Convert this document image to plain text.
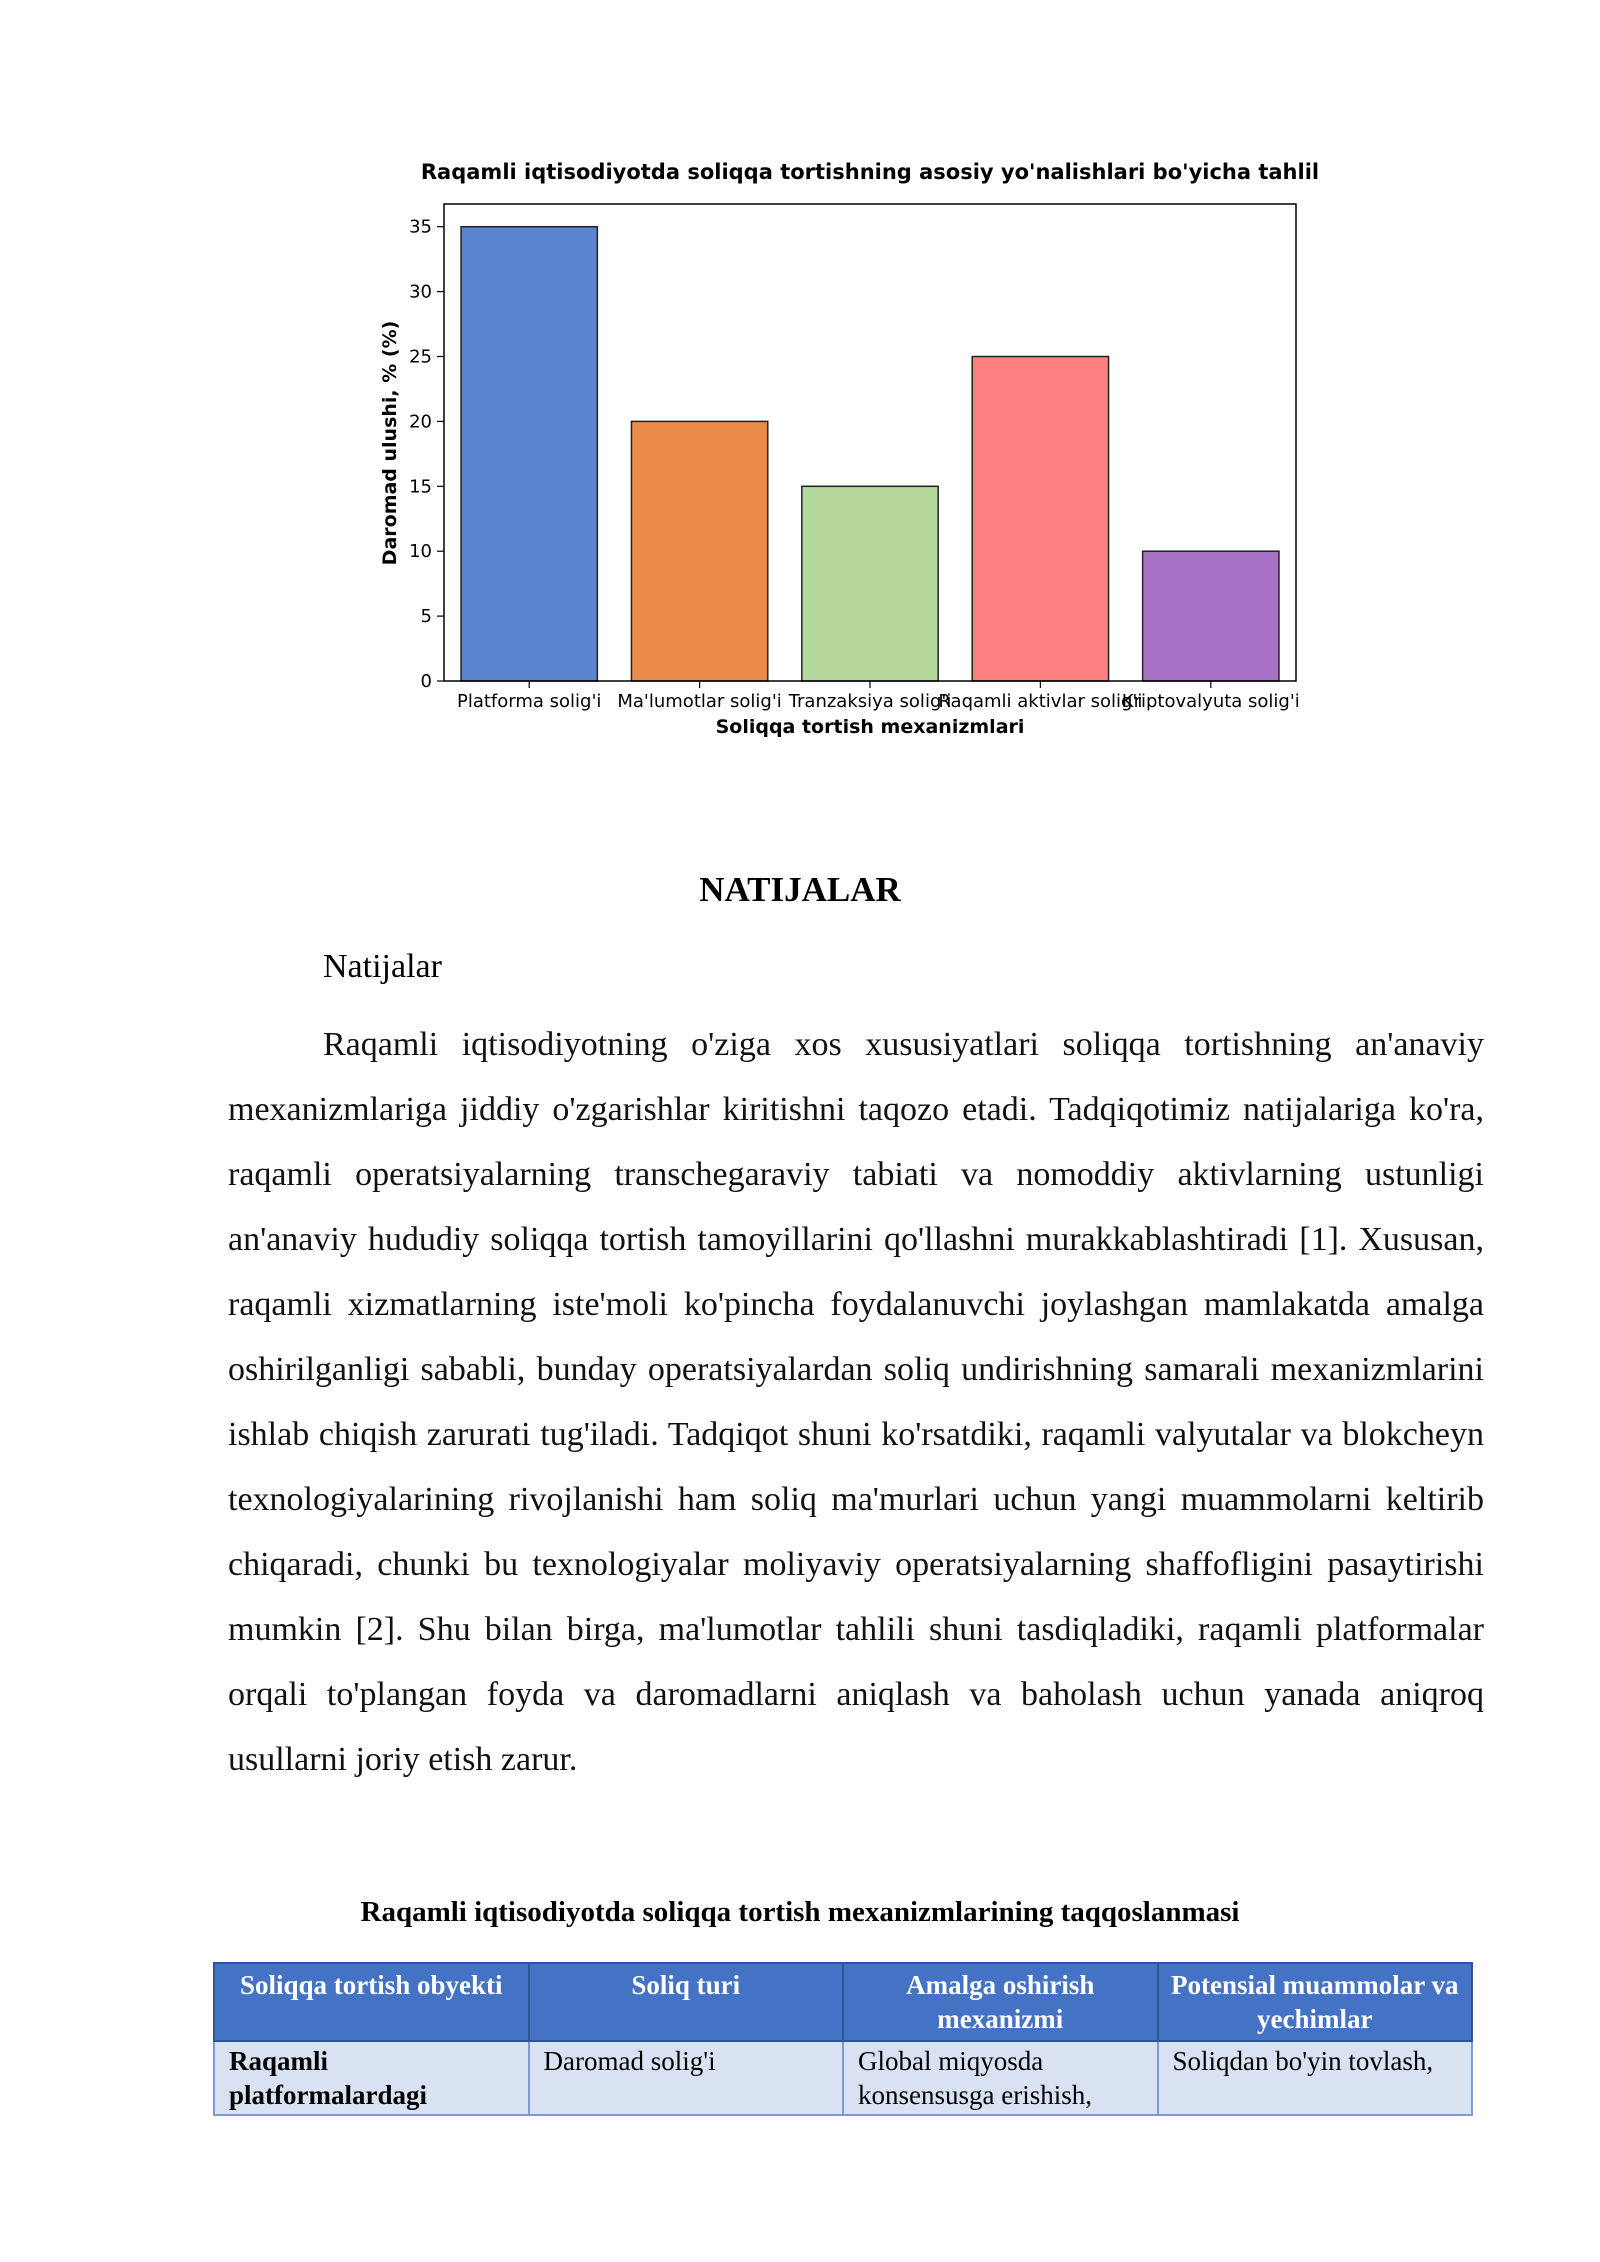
Raqamli iqtisodiyotda soliqqa tortishning asosiy yo'nalishlari bo'yicha tahlil
Daromad ulushi, % (%)
Soliqqa tortish mexanizmlari
0
5
10
15
20
25
30
35
Platforma solig'i Ma'lumotlar solig'i Tranzaksiya solig'i
Raqamli aktivlar solig'i
Kriptovalyuta solig'i
NATIJALAR

Natijalar

Raqamli iqtisodiyotning o'ziga xos xususiyatlari soliqqa tortishning an'anaviy mexanizmlariga jiddiy o'zgarishlar kiritishni taqozo etadi. Tadqiqotimiz natijalariga ko'ra, raqamli operatsiyalarning transchegaraviy tabiati va nomoddiy aktivlarning ustunligi an'anaviy hududiy soliqqa tortish tamoyillarini qo'llashni murakkablashtiradi [1]. Xususan, raqamli xizmatlarning iste'moli ko'pincha foydalanuvchi joylashgan mamlakatda amalga oshirilganligi sababli, bunday operatsiyalardan soliq undirishning samarali mexanizmlarini ishlab chiqish zarurati tug'iladi. Tadqiqot shuni ko'rsatdiki, raqamli valyutalar va blokcheyn texnologiyalarining rivojlanishi ham soliq ma'murlari uchun yangi muammolarni keltirib chiqaradi, chunki bu texnologiyalar moliyaviy operatsiyalarning shaffofligini pasaytirishi mumkin [2]. Shu bilan birga, ma'lumotlar tahlili shuni tasdiqladiki, raqamli platformalar orqali to'plangan foyda va daromadlarni aniqlash va baholash uchun yanada aniqroq usullarni joriy etish zarur.

Raqamli iqtisodiyotda soliqqa tortish mexanizmlarining taqqoslanmasi

Soliqqa tortish obyekti	Soliq turi	Amalga oshirish mexanizmi	Potensial muammolar va yechimlar
Raqamli platformalardagi	Daromad solig'i	Global miqyosda konsensusga erishish,	Soliqdan bo'yin tovlash,
